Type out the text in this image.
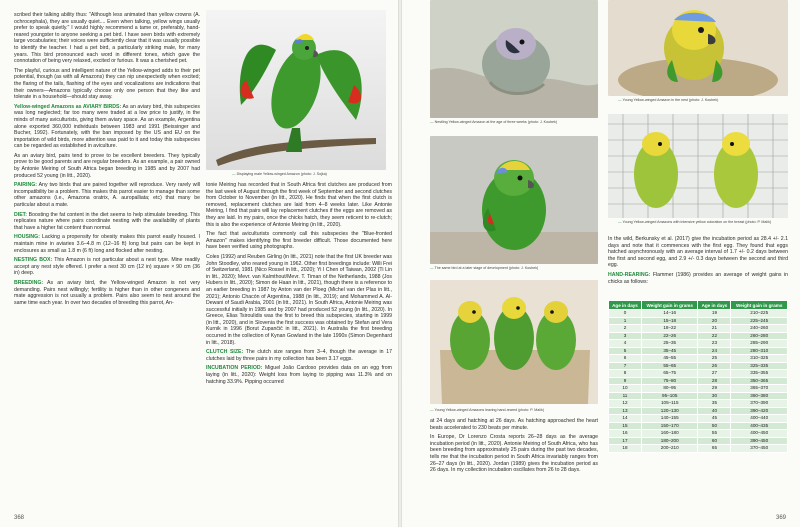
scribed their talking ability thus: "Although less animated than yellow crowns (A. ochrocephala), they are usually quiet.... Even when talking, yellow wings usually prefer to speak quietly." I would highly recommend a tame or, preferably, hand-reared youngster to anyone seeking a pet bird. I have seen birds with extremely large vocabularies; their voices were sufficiently clear that it was usually possible to identify the teacher. I had a pet bird, a particularly striking male, for many years. This bird pronounced each word in different tones, which gave the connotation of being very relaxed, excited or furious. It was a cherished pet.

The playful, curious and intelligent nature of the Yellow-winged adds to their pet potential, though (as with all Amazons) they can nip unexpectedly when excited; the flaring of the tails, flashing of the eyes and vocalizations are indications that their owners—Amazons typically choose only one person that they like and tolerate in a household—should stay away.

Yellow-winged Amazons as AVIARY BIRDS: As an aviary bird, this subspecies was long neglected; far too many were traded at a low price to justify, in the minds of many aviculturists, giving them aviary space. As an example, Argentina alone exported 360,000 individuals between 1983 and 1991 (Beissinger and Bucher, 1992). Fortunately, with the ban imposed by the US and EU on the importation of wild birds, more attention was paid to it and today this subspecies can be regarded as established in aviculture.

As an aviary bird, pairs tend to prove to be excellent breeders. They typically prove to be good parents and are regular breeders. As an example, a pair owned by Antonie Meiring of South Africa began breeding in 1985 and by 2007 had produced 52 young (in litt., 2020).

PAIRING: Any two birds that are paired together will reproduce. Very rarely will incompatibility be a problem. This makes this parrot easier to manage than some other amazons (i.e., Amazona oratrix, A. auropalliata; etc) that many be particular about a mate.

DIET: Boosting the fat content in the diet seems to help stimulate breeding. This replicates nature where pairs coordinate nesting with the availability of plants that have a higher fat content than normal.

HOUSING: Lacking a propensity for obesity makes this parrot easily housed. I maintain mine in aviaries 3.6–4.8 m (12–16 ft) long but pairs can be kept in enclosures as small as 1.8 m (6 ft) long and flocked after nesting.

NESTING BOX: This Amazon is not particular about a nest type. Mine readily accept any nest style offered. I prefer a nest 30 cm (12 in) square × 90 cm (36 in) deep.

BREEDING: As an aviary bird, the Yellow-winged Amazon is not very demanding. Pairs nest willingly; fertility is higher than in other congeners and mate aggression is not usually a problem. Pairs also seem to nest around the same time each year. In over two decades of breeding this parrot, An-

— Displaying male Yellow-winged Amazon (photo: J. Sojka)

tonie Meiring has recorded that in South Africa first clutches are produced from the last week of August through the first week of September and second clutches from October to November (in litt., 2020). He finds that when the first clutch is removed, replacement clutches are laid from 4–8 weeks later. Like Antonie Meiring, I find that pairs will lay replacement clutches if the eggs are removed as they are laid. In my pairs, once the chicks hatch, they seem reticent to re-clutch; this is also the experience of Antonie Meiring (in litt., 2020).

The fact that aviculturists commonly call this subspecies the "Blue-fronted Amazon" makes identifying the first breeder difficult. Those documented here have been verified using photographs.

Coles (1992) and Reuben Girling (in litt., 2021) note that the first UK breeder was John Stoodley, who reared young in 1962. Other first breedings include: Willi Frei of Switzerland, 1981 (Nico Rossel in litt., 2020); Yi I Chen of Taiwan, 2002 (Ti Lin in litt., 2020); Mevr. van Kalmthout/Mevr. T. Timan of the Netherlands, 1988 (Jos Hubers in litt., 2020); Simon de Haan in litt., 2021), though there is a reference to an earlier breeding in 1987 by Anton van der Ploeg (Michel van der Plas in litt., 2021); Antonio Chacón of Argentina, 1988 (in litt., 2019); and Mohammed A. Al-Dewani of Saudi Arabia, 2001 (in litt., 2021). In South Africa, Antonie Meiring was successful initially in 1985 and by 2007 had produced 52 young (in litt., 2020). In Greece, Elias Tsiroulidis was the first to breed this subspecies, starting in 1999 (in litt., 2020), and in Slovenia the first success was obtained by Stefan and Vera Kurnik in 1996 (Borut Zupančič in litt., 2021). In Australia the first breeding occurred in the collection of Kynan Gowland in the late 1990s (Simon Degenhard in litt., 2018).

CLUTCH SIZE: The clutch size ranges from 3–4, though the average in 17 clutches laid by three pairs in my collection has been 3.17 eggs.

INCUBATION PERIOD: Miguel João Cardoso provides data on an egg from laying (in litt., 2020): Weight loss from laying to pipping was 11.3% and on hatching 33.9%. Pipping occurred

368
— Nestling Yellow-winged Amazon at the age of three weeks (photo: J. Koubek)
— Young Yellow-winged Amazon in the nest (photo: J. Koubek)
— The same bird at a later stage of development (photo: J. Koubek)
— Young Yellow-winged Amazons with intensive yellow coloration on the breast (photo: P. Malík)
— Young Yellow-winged Amazons leaving hand-reared (photo: P. Malík)

at 24 days and hatching at 26 days. As hatching approached the heart beats accelerated to 230 beats per minute.

In Europe, Dr Lorenzo Crosta reports 26–28 days as the average incubation period (in litt., 2020). Antonie Meiring of South Africa, who has been breeding from approximately 25 pairs during the past two decades, tells me that the incubation period in South Africa invariably ranges from 26–27 days (in litt., 2020). Jordan (1989) gives the incubation period as 26 days. In my collection incubation oscillates from 26 to 28 days.

In the wild, Berkunsky et al. (2017) give the incubation period as 28.4 +/- 2.1 days and note that it commences with the first egg. They found that eggs hatched asynchronously with an average interval of 1.7 +/- 0.2 days between the first and second egg, and 2.9 +/- 0.3 days between the second and third egg.

HAND-REARING: Flammer (1986) provides an average of weight gains in chicks as follows:

Age in days	Weight gain in grams	Age in days	Weight gain in grams
0	14–16	19	210–225
1	15–18	20	225–245
2	18–22	21	240–260
3	22–26	22	260–280
4	25–35	23	285–290
5	35–45	24	280–310
6	45–55	25	310–325
7	55–65	26	325–335
8	65–75	27	335–355
9	75–80	28	350–365
10	80–95	29	365–370
11	95–105	30	360–380
12	105–115	35	370–390
13	120–130	40	390–420
14	140–155	45	400–440
15	150–170	50	400–435
16	160–180	55	400–450
17	180–200	60	390–450
18	200–210	65	370–450
369
